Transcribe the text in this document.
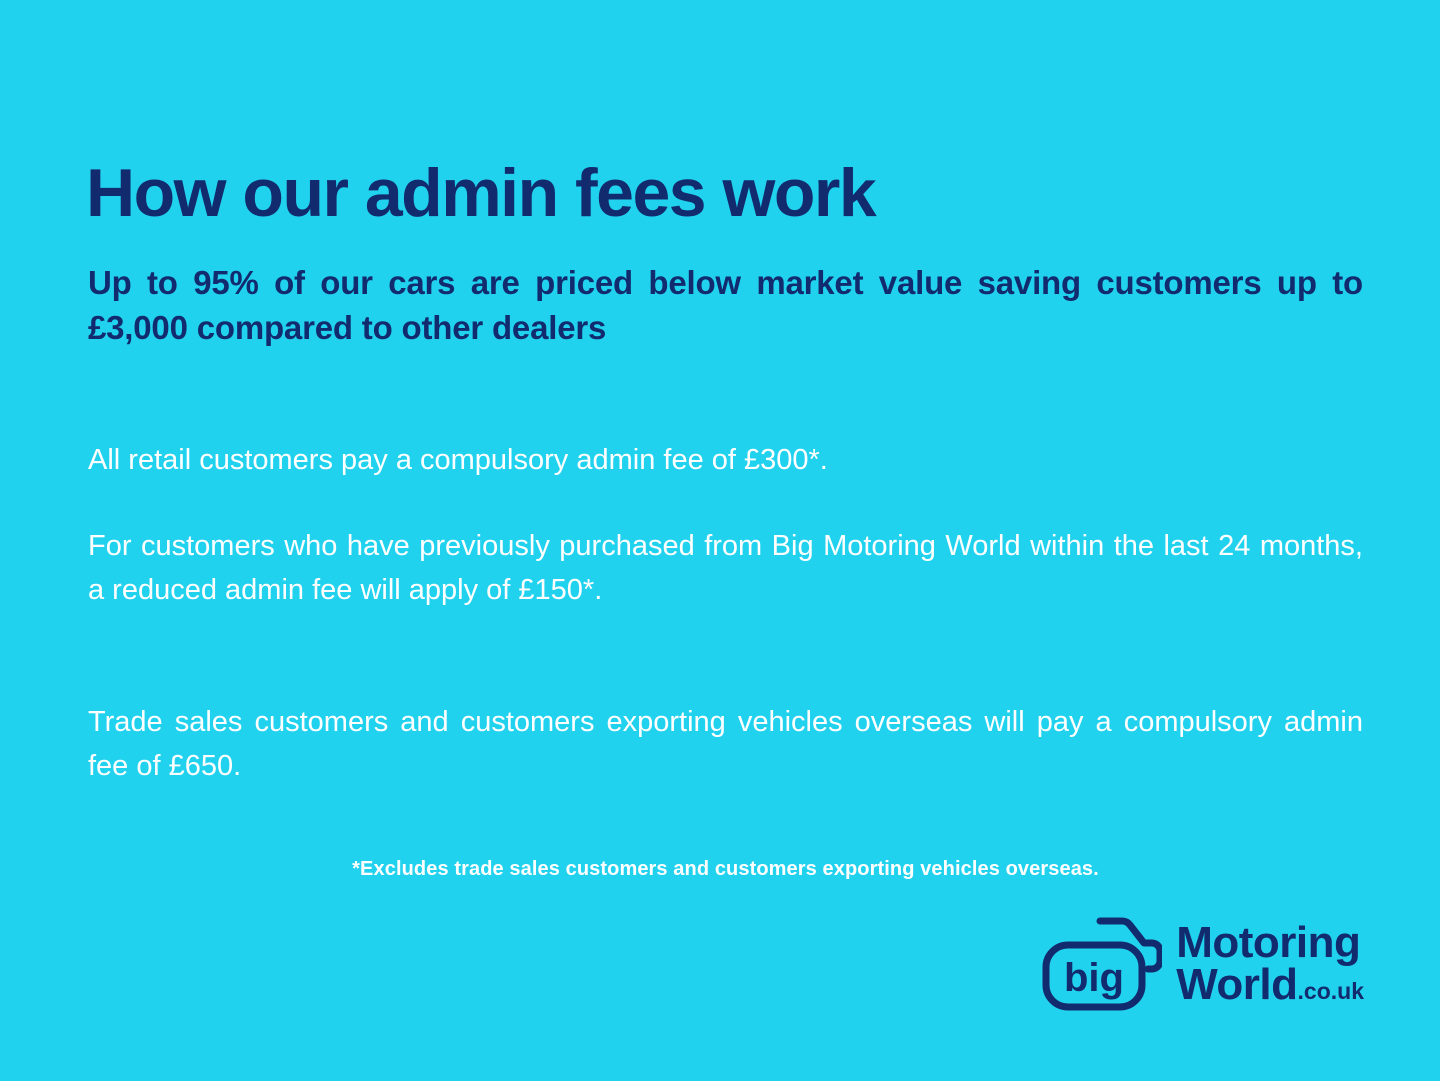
How our admin fees work

Up to 95% of our cars are priced below market value saving customers up to £3,000 compared to other dealers

All retail customers pay a compulsory admin fee of £300*.

For customers who have previously purchased from Big Motoring World within the last 24 months, a reduced admin fee will apply of £150*.

Trade sales customers and customers exporting vehicles overseas will pay a compulsory admin fee of £650.

*Excludes trade sales customers and customers exporting vehicles overseas.

big
Motoring
World.co.uk
